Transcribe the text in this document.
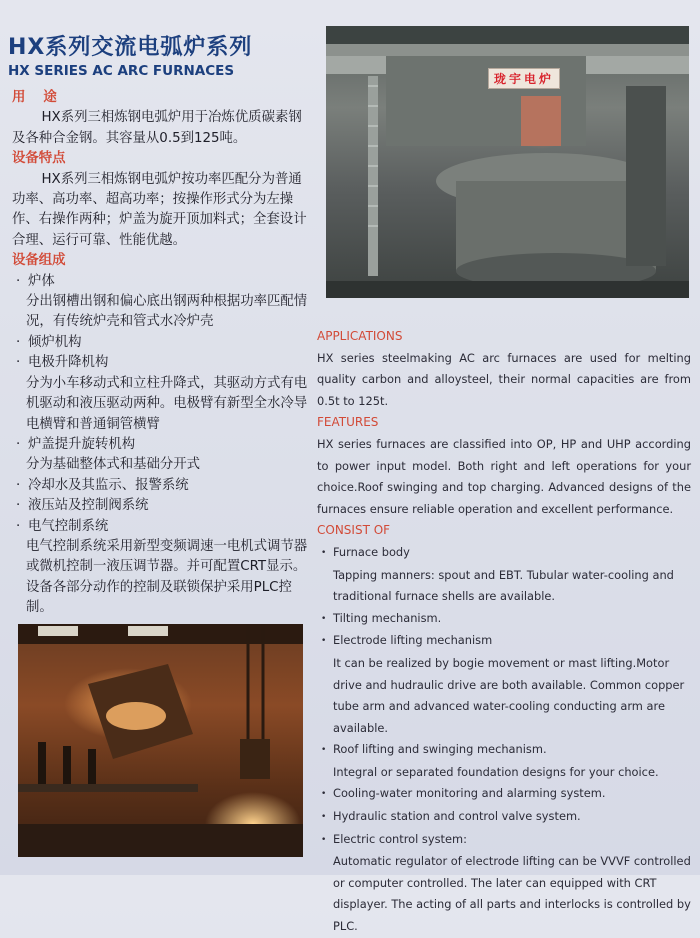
HX系列交流电弧炉系列
HX SERIES AC ARC FURNACES
用途

HX系列三相炼钢电弧炉用于冶炼优质碳素钢及各种合金钢。其容量从0.5到125吨。

设备特点

HX系列三相炼钢电弧炉按功率匹配分为普通功率、高功率、超高功率；按操作形式分为左操作、右操作两种；炉盖为旋开顶加料式；全套设计合理、运行可靠、性能优越。

设备组成
· 炉体
分出钢槽出钢和偏心底出钢两种根据功率匹配情况，有传统炉壳和管式水冷炉壳
· 倾炉机构
· 电极升降机构
分为小车移动式和立柱升降式，其驱动方式有电机驱动和液压驱动两种。电极臂有新型全水冷导电横臂和普通铜管横臂
· 炉盖提升旋转机构
分为基础整体式和基础分开式
· 冷却水及其监示、报警系统
· 液压站及控制阀系统
· 电气控制系统
电气控制系统采用新型变频调速一电机式调节器或微机控制一液压调节器。并可配置CRT显示。设备各部分动作的控制及联锁保护采用PLC控制。
珑宇电炉
APPLICATIONS

HX series steelmaking AC arc furnaces are used for melting quality carbon and alloysteel, their normal capacities are from 0.5t to 125t.

FEATURES

HX series furnaces are classified into OP, HP and UHP according to power input model. Both right and left operations for your choice.Roof swinging and top charging. Advanced designs of the furnaces ensure reliable operation and excellent performance.

CONSIST OF
• Furnace body

Tapping manners: spout and EBT. Tubular water-cooling and traditional furnace shells are available.

• Tilting mechanism.
• Electrode lifting mechanism

It can be realized by bogie movement or mast lifting.Motor drive and hudraulic drive are both available. Common copper tube arm and advanced water-cooling conducting arm are available.

• Roof lifting and swinging mechanism.

Integral or separated foundation designs for your choice.

• Cooling-water monitoring and alarming system.
• Hydraulic station and control valve system.
• Electric control system:

Automatic regulator of electrode lifting can be VVVF controlled or computer controlled. The later can equipped with CRT displayer. The acting of all parts and interlocks is controlled by PLC.
